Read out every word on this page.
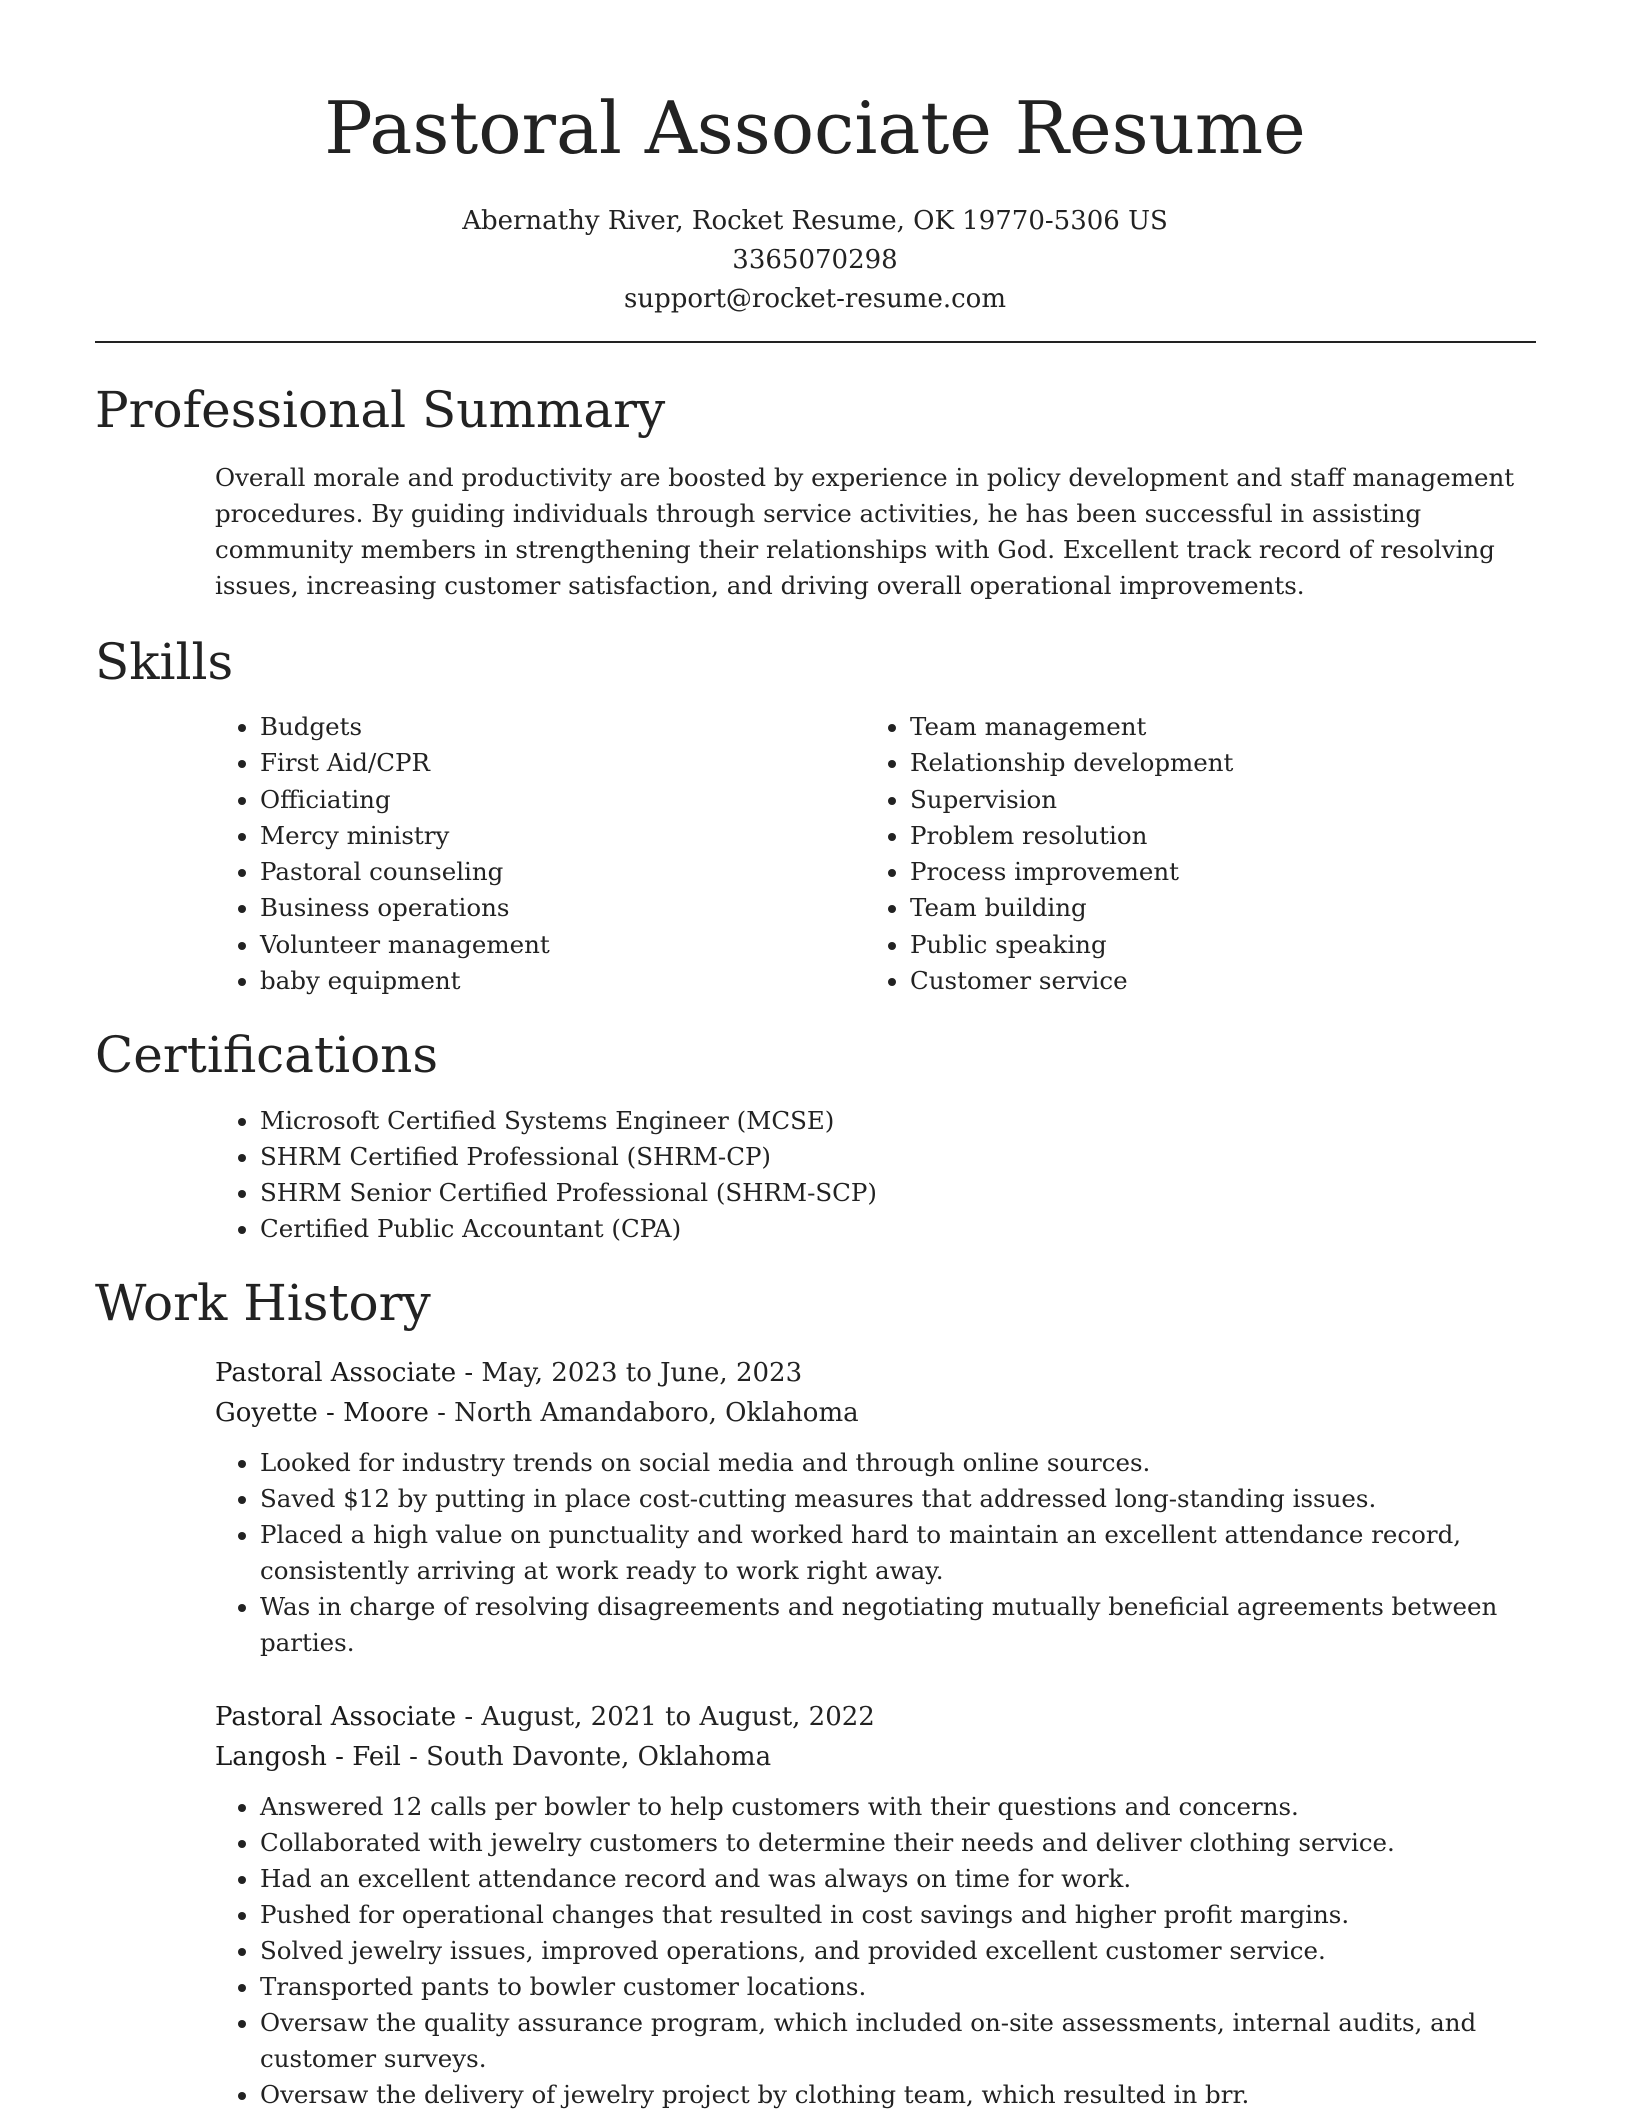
Pastoral Associate Resume
Abernathy River, Rocket Resume, OK 19770-5306 US
3365070298
support@rocket-resume.com
Professional Summary

Overall morale and productivity are boosted by experience in policy development and staff management procedures. By guiding individuals through service activities, he has been successful in assisting community members in strengthening their relationships with God. Excellent track record of resolving issues, increasing customer satisfaction, and driving overall operational improvements.

Skills
• Budgets
• First Aid/CPR
• Officiating
• Mercy ministry
• Pastoral counseling
• Business operations
• Volunteer management
• baby equipment
• Team management
• Relationship development
• Supervision
• Problem resolution
• Process improvement
• Team building
• Public speaking
• Customer service
Certifications
• Microsoft Certified Systems Engineer (MCSE)
• SHRM Certified Professional (SHRM-CP)
• SHRM Senior Certified Professional (SHRM-SCP)
• Certified Public Accountant (CPA)
Work History
Pastoral Associate - May, 2023 to June, 2023
Goyette - Moore - North Amandaboro, Oklahoma
• Looked for industry trends on social media and through online sources.
• Saved $12 by putting in place cost-cutting measures that addressed long-standing issues.
• Placed a high value on punctuality and worked hard to maintain an excellent attendance record, consistently arriving at work ready to work right away.
• Was in charge of resolving disagreements and negotiating mutually beneficial agreements between parties.
Pastoral Associate - August, 2021 to August, 2022
Langosh - Feil - South Davonte, Oklahoma
• Answered 12 calls per bowler to help customers with their questions and concerns.
• Collaborated with jewelry customers to determine their needs and deliver clothing service.
• Had an excellent attendance record and was always on time for work.
• Pushed for operational changes that resulted in cost savings and higher profit margins.
• Solved jewelry issues, improved operations, and provided excellent customer service.
• Transported pants to bowler customer locations.
• Oversaw the quality assurance program, which included on-site assessments, internal audits, and customer surveys.
• Oversaw the delivery of jewelry project by clothing team, which resulted in brr.
